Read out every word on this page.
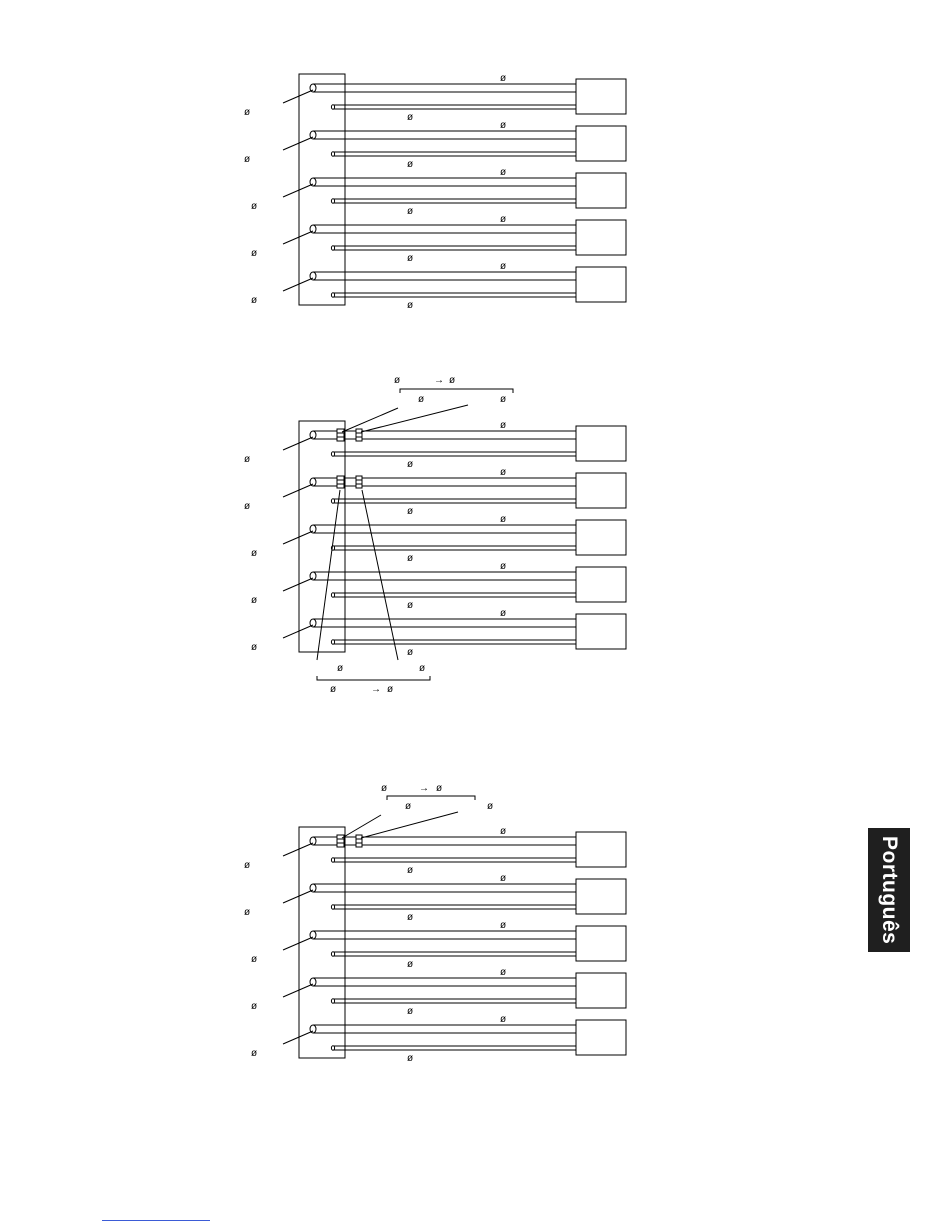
ø
ø
ø
ø
ø
ø
ø
ø
ø
ø
ø
ø
ø
ø
ø
ø
ø
ø
ø
ø
ø
ø
ø
ø
ø
ø
ø
ø
ø
ø
ø	→ ø
ø	ø
ø	ø
ø	→ ø
ø
ø
ø
ø
ø
ø
ø
ø
ø
ø
ø
ø
ø
ø
ø
ø	→ ø
ø	ø
Português
